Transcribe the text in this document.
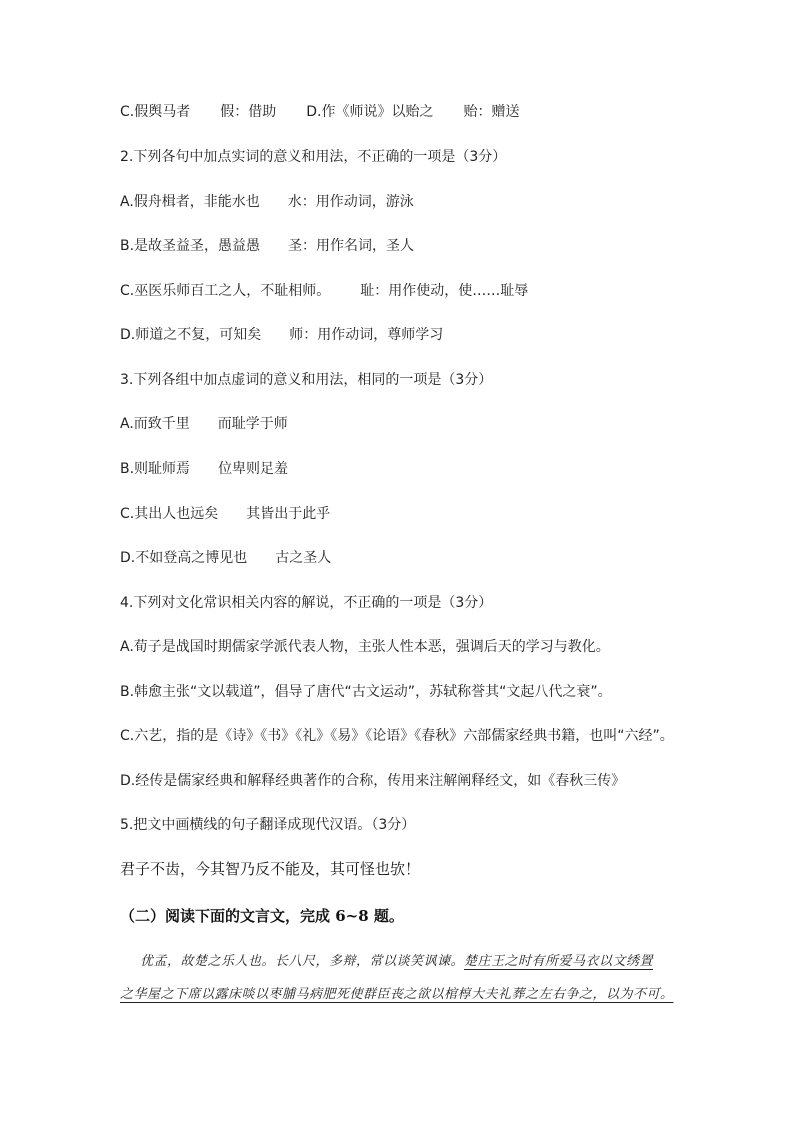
C.假舆马者 假：借助 D.作《师说》以贻之 贻：赠送
2.下列各句中加点实词的意义和用法，不正确的一项是（3分）
A.假舟楫者，非能水也 水：用作动词，游泳
B.是故圣益圣，愚益愚 圣：用作名词，圣人
C.巫医乐师百工之人，不耻相师。 耻：用作使动，使……耻辱
D.师道之不复，可知矣 师：用作动词，尊师学习
3.下列各组中加点虚词的意义和用法，相同的一项是（3分）
A.而致千里 而耻学于师
B.则耻师焉 位卑则足羞
C.其出人也远矣 其皆出于此乎
D.不如登高之博见也 古之圣人
4.下列对文化常识相关内容的解说，不正确的一项是（3分）
A.荀子是战国时期儒家学派代表人物，主张人性本恶，强调后天的学习与教化。
B.韩愈主张“文以载道”，倡导了唐代“古文运动”，苏轼称誉其“文起八代之衰”。
C.六艺，指的是《诗》《书》《礼》《易》《论语》《春秋》六部儒家经典书籍，也叫“六经”。
D.经传是儒家经典和解释经典著作的合称，传用来注解阐释经文，如《春秋三传》
5.把文中画横线的句子翻译成现代汉语。（3分）
君子不齿，今其智乃反不能及，其可怪也欤！
（二）阅读下面的文言文，完成 6~8 题。
优孟，故楚之乐人也。长八尺，多辩，常以谈笑讽谏。楚庄王之时有所爱马衣以文绣置
之华屋之下席以露床啖以枣脯马病肥死使群臣丧之欲以棺椁大夫礼葬之左右争之，以为不可。
